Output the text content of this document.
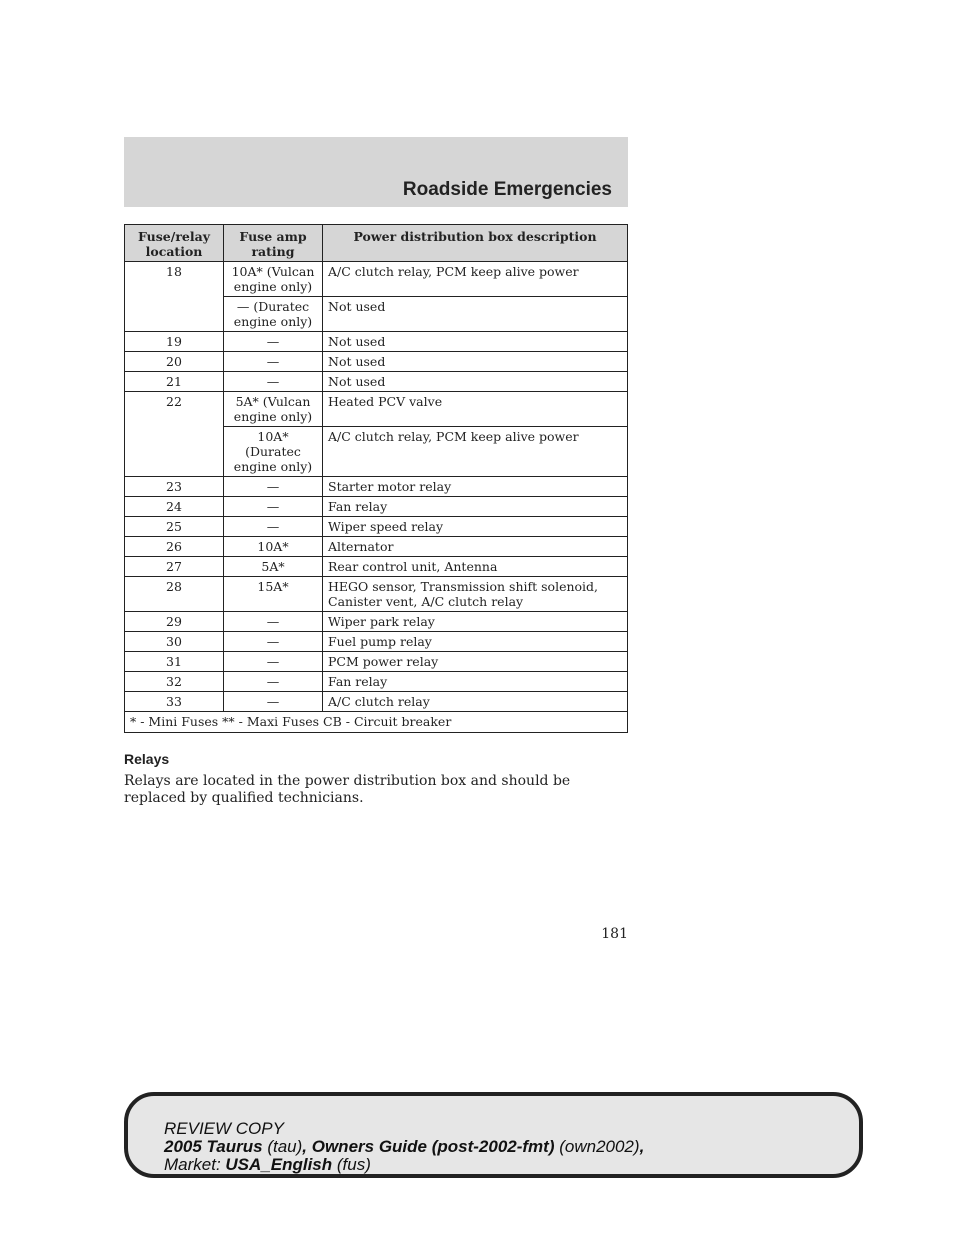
Roadside Emergencies
Fuse/relay location	Fuse amp rating	Power distribution box description
18	10A* (Vulcan engine only)	A/C clutch relay, PCM keep alive power
	— (Duratec engine only)	Not used
19	—	Not used
20	—	Not used
21	—	Not used
22	5A* (Vulcan engine only)	Heated PCV valve
	10A* (Duratec engine only)	A/C clutch relay, PCM keep alive power
23	—	Starter motor relay
24	—	Fan relay
25	—	Wiper speed relay
26	10A*	Alternator
27	5A*	Rear control unit, Antenna
28	15A*	HEGO sensor, Transmission shift solenoid, Canister vent, A/C clutch relay
29	—	Wiper park relay
30	—	Fuel pump relay
31	—	PCM power relay
32	—	Fan relay
33	—	A/C clutch relay
* - Mini Fuses ** - Maxi Fuses CB - Circuit breaker		
Relays

Relays are located in the power distribution box and should be replaced by qualified technicians.

181
REVIEW COPY
2005 Taurus (tau), Owners Guide (post-2002-fmt) (own2002),
Market: USA_English (fus)
